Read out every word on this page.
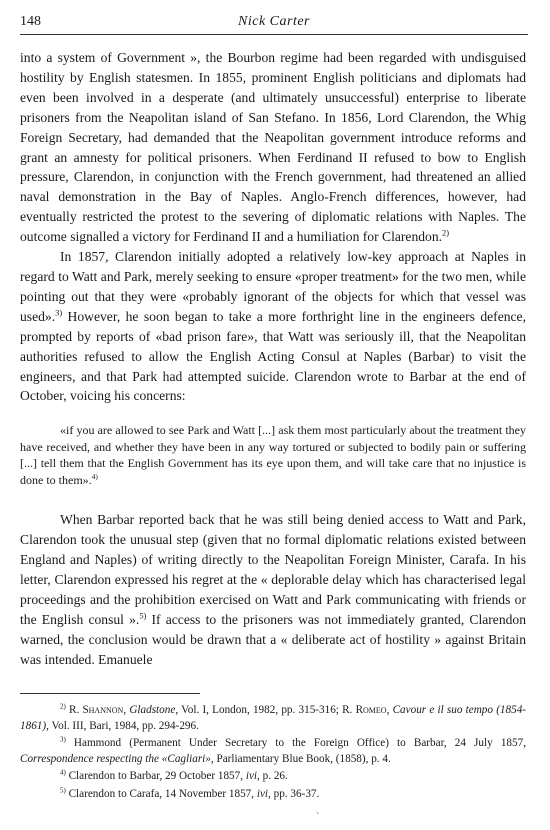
148	Nick Carter

into a system of Government », the Bourbon regime had been regarded with undisguised hostility by English statesmen. In 1855, prominent English politicians and diplomats had even been involved in a desperate (and ultimately unsuccessful) enterprise to liberate prisoners from the Neapolitan island of San Stefano. In 1856, Lord Clarendon, the Whig Foreign Secretary, had demanded that the Neapolitan government introduce reforms and grant an amnesty for political prisoners. When Ferdinand II refused to bow to English pressure, Clarendon, in conjunction with the French government, had threatened an allied naval demonstration in the Bay of Naples. Anglo-French differences, however, had eventually restricted the protest to the severing of diplomatic relations with Naples. The outcome signalled a victory for Ferdinand II and a humiliation for Clarendon.$^{2)}$

In 1857, Clarendon initially adopted a relatively low-key approach at Naples in regard to Watt and Park, merely seeking to ensure «proper treatment» for the two men, while pointing out that they were «probably ignorant of the objects for which that vessel was used».$^{3)}$ However, he soon began to take a more forthright line in the engineers defence, prompted by reports of «bad prison fare», that Watt was seriously ill, that the Neapolitan authorities refused to allow the English Acting Consul at Naples (Barbar) to visit the engineers, and that Park had attempted suicide. Clarendon wrote to Barbar at the end of October, voicing his concerns:

«if you are allowed to see Park and Watt [...] ask them most particularly about the treatment they have received, and whether they have been in any way tortured or subjected to bodily pain or suffering [...] tell them that the English Government has its eye upon them, and will take care that no injustice is done to them».$^{4)}$

When Barbar reported back that he was still being denied access to Watt and Park, Clarendon took the unusual step (given that no formal diplomatic relations existed between England and Naples) of writing directly to the Neapolitan Foreign Minister, Carafa. In his letter, Clarendon expressed his regret at the « deplorable delay which has characterised legal proceedings and the prohibition exercised on Watt and Park communicating with friends or the English consul ».$^{5)}$ If access to the prisoners was not immediately granted, Clarendon warned, the conclusion would be drawn that a « deliberate act of hostility » against Britain was intended. Emanuele

$^{2)}$ R. Shannon, Gladstone, Vol. I, London, 1982, pp. 315-316; R. Romeo, Cavour e il suo tempo (1854-1861), Vol. III, Bari, 1984, pp. 294-296.

$^{3)}$ Hammond (Permanent Under Secretary to the Foreign Office) to Barbar, 24 July 1857, Correspondence respecting the «Cagliari», Parliamentary Blue Book, (1858), p. 4.

$^{4)}$ Clarendon to Barbar, 29 October 1857, ivi, p. 26.

$^{5)}$ Clarendon to Carafa, 14 November 1857, ivi, pp. 36-37.

`
